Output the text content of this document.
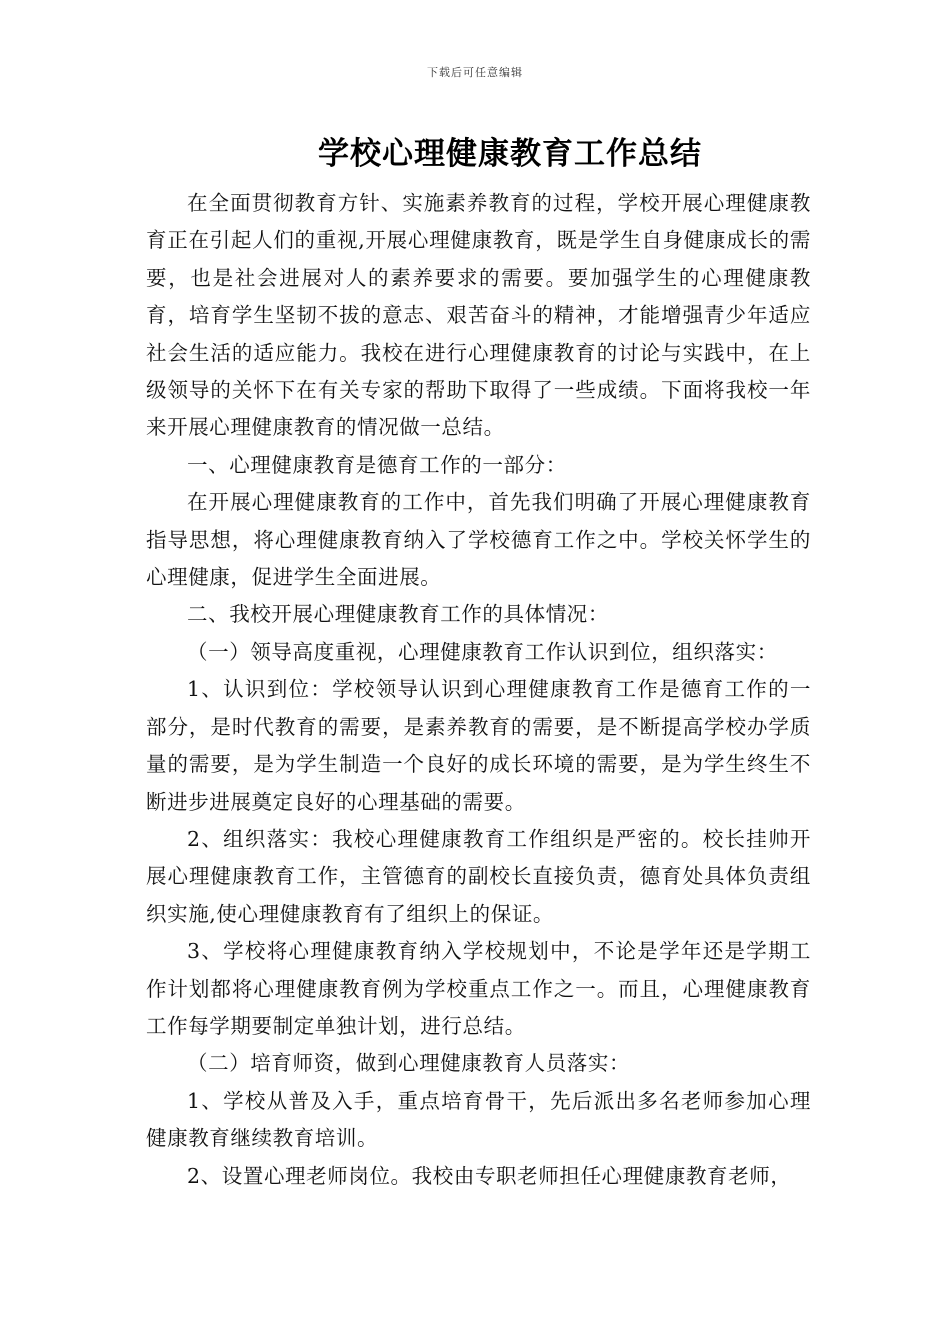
下载后可任意编辑
学校心理健康教育工作总结

在全面贯彻教育方针、实施素养教育的过程，学校开展心理健康教育正在引起人们的重视,开展心理健康教育，既是学生自身健康成长的需要，也是社会进展对人的素养要求的需要。要加强学生的心理健康教育，培育学生坚韧不拔的意志、艰苦奋斗的精神，才能增强青少年适应社会生活的适应能力。我校在进行心理健康教育的讨论与实践中，在上级领导的关怀下在有关专家的帮助下取得了一些成绩。下面将我校一年来开展心理健康教育的情况做一总结。

一、心理健康教育是德育工作的一部分：

在开展心理健康教育的工作中，首先我们明确了开展心理健康教育指导思想，将心理健康教育纳入了学校德育工作之中。学校关怀学生的心理健康，促进学生全面进展。

二、我校开展心理健康教育工作的具体情况：

（一）领导高度重视，心理健康教育工作认识到位，组织落实：

1、认识到位：学校领导认识到心理健康教育工作是德育工作的一部分，是时代教育的需要，是素养教育的需要，是不断提高学校办学质量的需要，是为学生制造一个良好的成长环境的需要，是为学生终生不断进步进展奠定良好的心理基础的需要。

2、组织落实：我校心理健康教育工作组织是严密的。校长挂帅开展心理健康教育工作，主管德育的副校长直接负责，德育处具体负责组织实施,使心理健康教育有了组织上的保证。

3、学校将心理健康教育纳入学校规划中，不论是学年还是学期工作计划都将心理健康教育例为学校重点工作之一。而且，心理健康教育工作每学期要制定单独计划，进行总结。

（二）培育师资，做到心理健康教育人员落实：

1、学校从普及入手，重点培育骨干，先后派出多名老师参加心理健康教育继续教育培训。

2、设置心理老师岗位。我校由专职老师担任心理健康教育老师，
